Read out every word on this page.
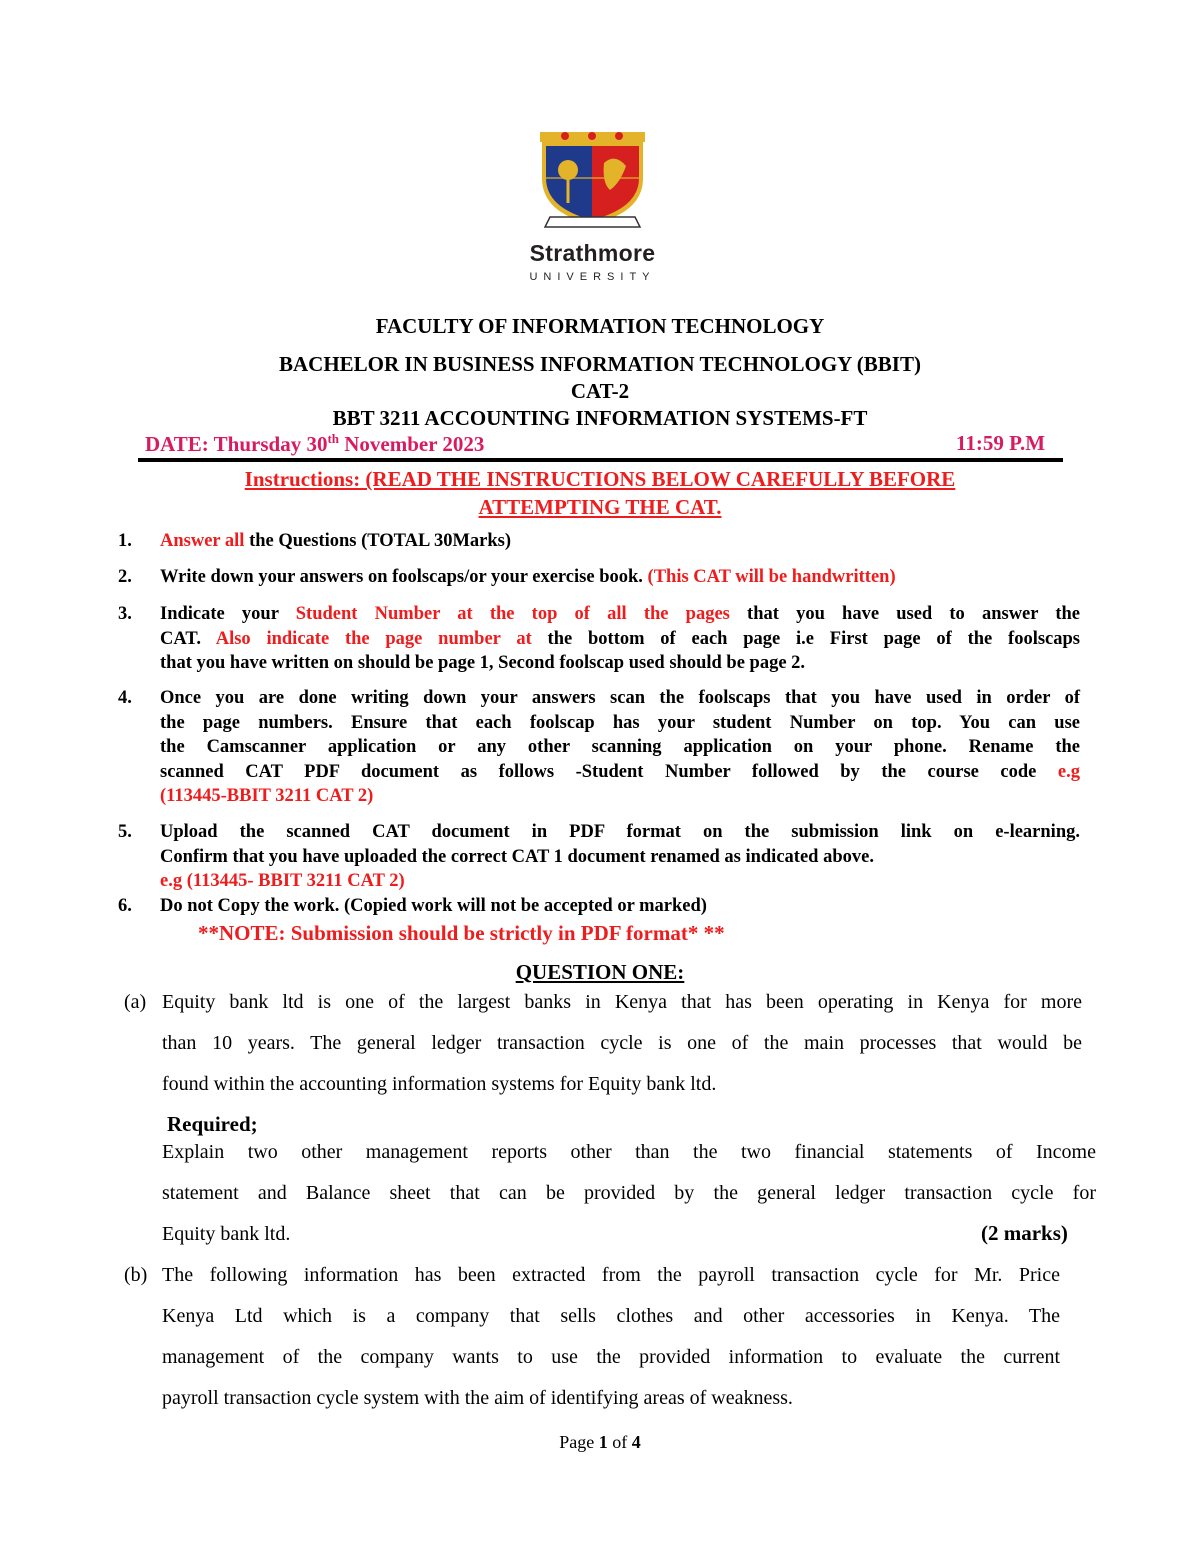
Strathmore
UNIVERSITY
FACULTY OF INFORMATION TECHNOLOGY
BACHELOR IN BUSINESS INFORMATION TECHNOLOGY (BBIT)
CAT-2
BBT 3211 ACCOUNTING INFORMATION SYSTEMS-FT
DATE: Thursday 30th November 2023	11:59 P.M
Instructions: (READ THE INSTRUCTIONS BELOW CAREFULLY BEFORE
ATTEMPTING THE CAT.
1. Answer all the Questions (TOTAL 30Marks)
2. Write down your answers on foolscaps/or your exercise book. (This CAT will be handwritten)
3. Indicate your Student Number at the top of all the pages that you have used to answer the
CAT. Also indicate the page number at the bottom of each page i.e First page of the foolscaps
that you have written on should be page 1, Second foolscap used should be page 2.
4. Once you are done writing down your answers scan the foolscaps that you have used in order of
the page numbers. Ensure that each foolscap has your student Number on top. You can use
the Camscanner application or any other scanning application on your phone. Rename the
scanned CAT PDF document as follows -Student Number followed by the course code e.g
(113445-BBIT 3211 CAT 2)
5. Upload the scanned CAT document in PDF format on the submission link on e-learning.
Confirm that you have uploaded the correct CAT 1 document renamed as indicated above.
e.g (113445- BBIT 3211 CAT 2)
6. Do not Copy the work. (Copied work will not be accepted or marked)
**NOTE: Submission should be strictly in PDF format* **
QUESTION ONE:
(a) Equity bank ltd is one of the largest banks in Kenya that has been operating in Kenya for more
than 10 years. The general ledger transaction cycle is one of the main processes that would be
found within the accounting information systems for Equity bank ltd.
Required;
Explain two other management reports other than the two financial statements of Income
statement and Balance sheet that can be provided by the general ledger transaction cycle for
Equity bank ltd.	(2 marks)
(b) The following information has been extracted from the payroll transaction cycle for Mr. Price
Kenya Ltd which is a company that sells clothes and other accessories in Kenya. The
management of the company wants to use the provided information to evaluate the current
payroll transaction cycle system with the aim of identifying areas of weakness.
Page 1 of 4
